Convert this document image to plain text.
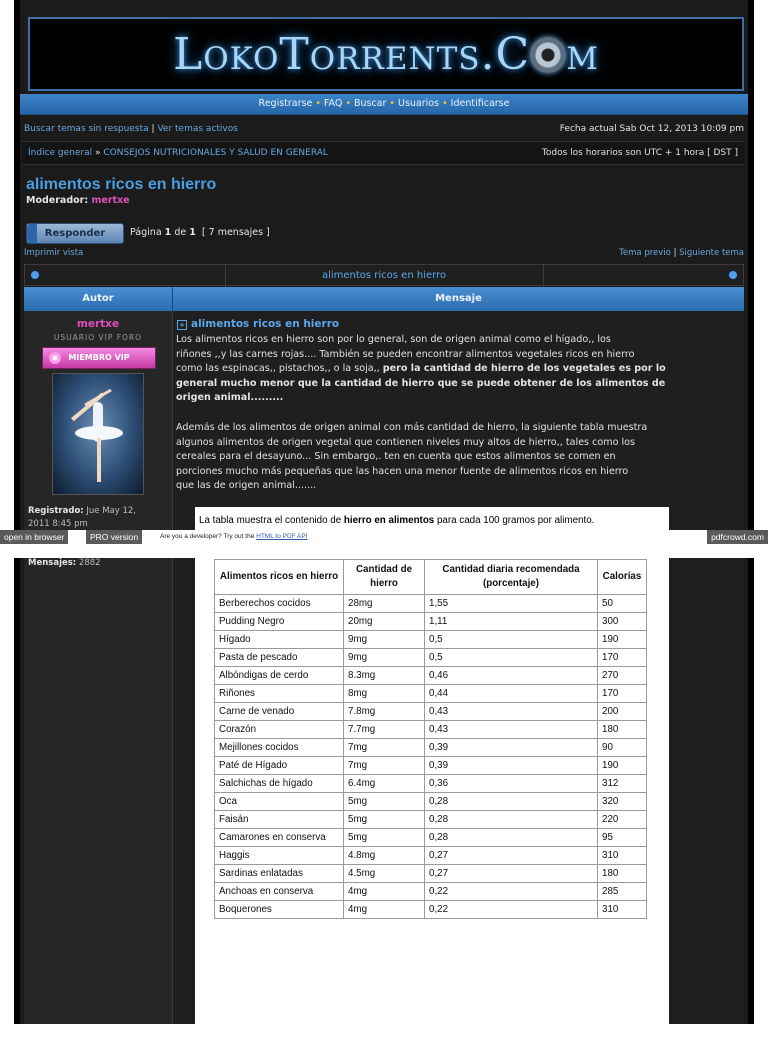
LokoTorrents.C m
Registrarse • FAQ • Buscar • Usuarios • Identificarse
Buscar temas sin respuesta | Ver temas activos	Fecha actual Sab Oct 12, 2013 10:09 pm
Índice general » CONSEJOS NUTRICIONALES Y SALUD EN GENERAL	Todos los horarios son UTC + 1 hora [ DST ]
alimentos ricos en hierro
Moderador: mertxe
Responder	Página 1 de 1 [ 7 mensajes ]
Imprimir vista	Tema previo | Siguiente tema
alimentos ricos en hierro
Autor	Mensaje
mertxe
USUARIO VIP FORO
MIEMBRO VIP
Registrado: Jue May 12,
2011 8:45 pm
Mensajes: 2882
+ alimentos ricos en hierro
Los alimentos ricos en hierro son por lo general, son de origen animal como el hígado,, los
riñones ,,y las carnes rojas.... También se pueden encontrar alimentos vegetales ricos en hierro
como las espinacas,, pistachos,, o la soja,, pero la cantidad de hierro de los vegetales es por lo
general mucho menor que la cantidad de hierro que se puede obtener de los alimentos de
origen animal.........
Además de los alimentos de origen animal con más cantidad de hierro, la siguiente tabla muestra
algunos alimentos de origen vegetal que contienen niveles muy altos de hierro,, tales como los
cereales para el desayuno... Sin embargo,. ten en cuenta que estos alimentos se comen en
porciones mucho más pequeñas que las hacen una menor fuente de alimentos ricos en hierro
que las de origen animal.......
La tabla muestra el contenido de hierro en alimentos para cada 100 gramos por alimento.
Alimentos ricos en hierro	Cantidad de hierro	Cantidad diaria recomendada (porcentaje)	Calorías
Berberechos cocidos	28mg	1,55	50
Pudding Negro	20mg	1,11	300
Hígado	9mg	0,5	190
Pasta de pescado	9mg	0,5	170
Albóndigas de cerdo	8.3mg	0,46	270
Riñones	8mg	0,44	170
Carne de venado	7.8mg	0,43	200
Corazón	7.7mg	0,43	180
Mejillones cocidos	7mg	0,39	90
Paté de Hígado	7mg	0,39	190
Salchichas de hígado	6.4mg	0,36	312
Oca	5mg	0,28	320
Faisán	5mg	0,28	220
Camarones en conserva	5mg	0,28	95
Haggis	4.8mg	0,27	310
Sardinas enlatadas	4.5mg	0,27	180
Anchoas en conserva	4mg	0,22	285
Boquerones	4mg	0,22	310
open in browser	PRO version	Are you a developer? Try out the HTML to PDF API	pdfcrowd.com
